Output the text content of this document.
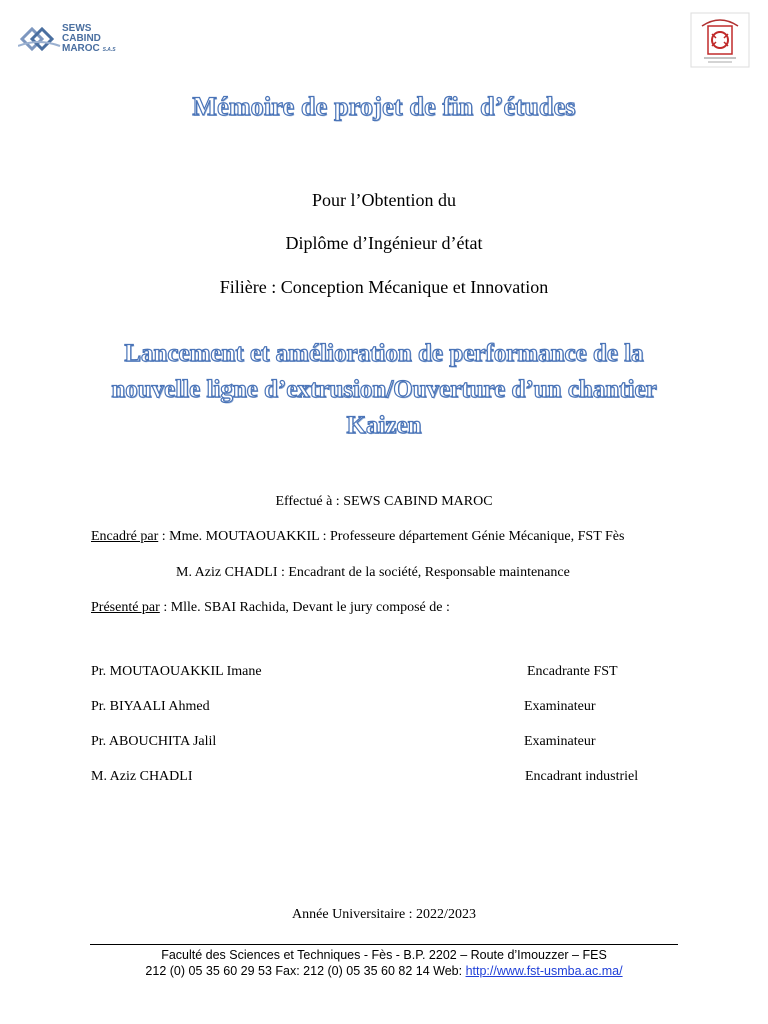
SEWS
CABIND
MAROC S.A.S
Mémoire de projet de fin d’études
Pour l’Obtention du
Diplôme d’Ingénieur d’état
Filière : Conception Mécanique et Innovation
Lancement et amélioration de performance de la
nouvelle ligne d’extrusion/Ouverture d’un chantier
Kaizen
Effectué à : SEWS CABIND MAROC
Encadré par : Mme. MOUTAOUAKKIL : Professeure département Génie Mécanique, FST Fès
M. Aziz CHADLI : Encadrant de la société, Responsable maintenance
Présenté par : Mlle. SBAI Rachida, Devant le jury composé de :
Pr. MOUTAOUAKKIL Imane	Encadrante FST
Pr. BIYAALI Ahmed	Examinateur
Pr. ABOUCHITA Jalil	Examinateur
M. Aziz CHADLI	Encadrant industriel
Année Universitaire : 2022/2023
Faculté des Sciences et Techniques - Fès - B.P. 2202 – Route d’Imouzzer – FES
212 (0) 05 35 60 29 53 Fax: 212 (0) 05 35 60 82 14 Web: http://www.fst-usmba.ac.ma/
